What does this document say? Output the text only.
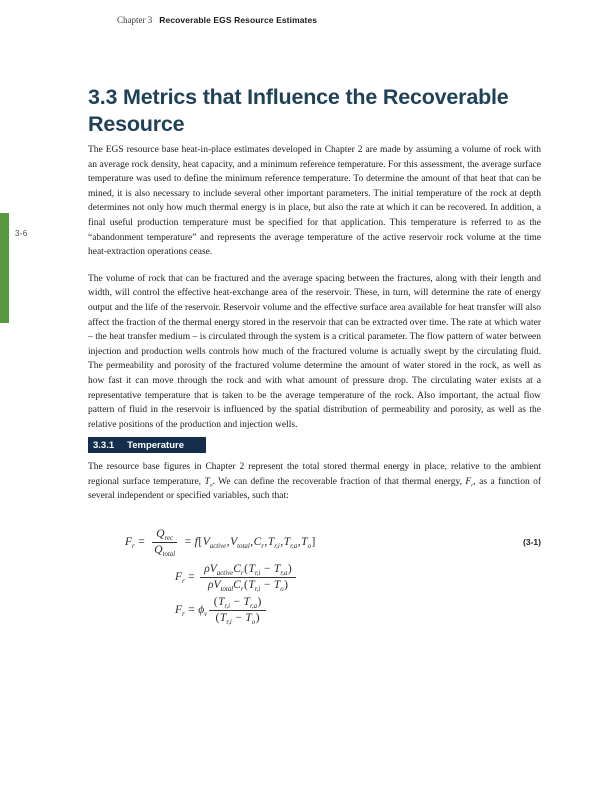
Chapter 3 Recoverable EGS Resource Estimates
3-6
3.3 Metrics that Influence the Recoverable Resource

The EGS resource base heat-in-place estimates developed in Chapter 2 are made by assuming a volume of rock with an average rock density, heat capacity, and a minimum reference temperature. For this assessment, the average surface temperature was used to define the minimum reference temperature. To determine the amount of that heat that can be mined, it is also necessary to include several other important parameters. The initial temperature of the rock at depth determines not only how much thermal energy is in place, but also the rate at which it can be recovered. In addition, a final useful production temperature must be specified for that application. This temperature is referred to as the “abandonment temperature” and represents the average temperature of the active reservoir rock volume at the time heat-extraction operations cease.

The volume of rock that can be fractured and the average spacing between the fractures, along with their length and width, will control the effective heat-exchange area of the reservoir. These, in turn, will determine the rate of energy output and the life of the reservoir. Reservoir volume and the effective surface area available for heat transfer will also affect the fraction of the thermal energy stored in the reservoir that can be extracted over time. The rate at which water – the heat transfer medium – is circulated through the system is a critical parameter. The flow pattern of water between injection and production wells controls how much of the fractured volume is actually swept by the circulating fluid. The permeability and porosity of the fractured volume determine the amount of water stored in the rock, as well as how fast it can move through the rock and with what amount of pressure drop. The circulating water exists at a representative temperature that is taken to be the average temperature of the rock. Also important, the actual flow pattern of fluid in the reservoir is influenced by the spatial distribution of permeability and porosity, as well as the relative positions of the production and injection wells.

3.3.1 Temperature

The resource base figures in Chapter 2 represent the total stored thermal energy in place, relative to the ambient regional surface temperature, $T_o$. We can define the recoverable fraction of that thermal energy, $F_r$, as a function of several independent or specified variables, such that:

$F_r = \frac{Q_{rec}}{Q_{total}} = f$ [ $V_{active}$ , $V_{total}$ , $C_r$ , $T_{r,i}$ , $T_{r,a}$ , $T_o$ ]	(3-1)
$F_r = \frac{\rho V_{active}C_r(T_{r,i} - T_{r,a})}{\rho V_{total}C_r(T_{r,i} - T_o)}$
$F_r = \phi_v \frac{(T_{r,i} - T_{r,a})}{(T_{r,i} - T_o)}$
